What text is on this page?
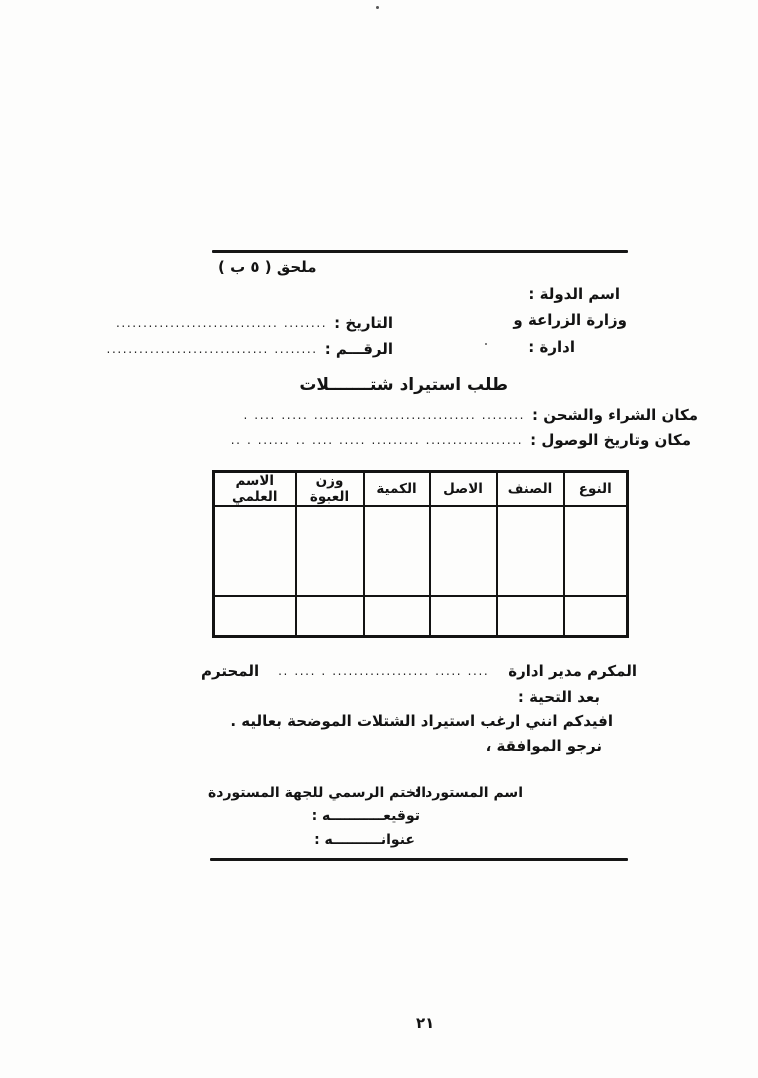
ملحق ( ٥ ب )
اسم الدولة :
وزارة الزراعة و
ادارة :
التاريخ :
........ ..............................
الرقـــم :
........ ..............................
طلب استيراد شتـــــــلات
مكان الشراء والشحن :
........ .............................. ..... .... .
مكان وتاريخ الوصول :
.................. ......... ..... .... .. ...... . ..
النوع	الصنف	الاصل	الكمية	وزن العبوة	الاسم العلمي

المكرم مدير ادارة
.... ..... .................. . .... ..
المحترم
بعد التحية :
افيدكم انني ارغب استيراد الشتلات الموضحة بعاليه .
نرجو الموافقة ،
الختم الرسمي للجهة المستوردة
اسم المستورد :
توقيعـــــــــــه :
عنوانــــــــــه :
٢١
